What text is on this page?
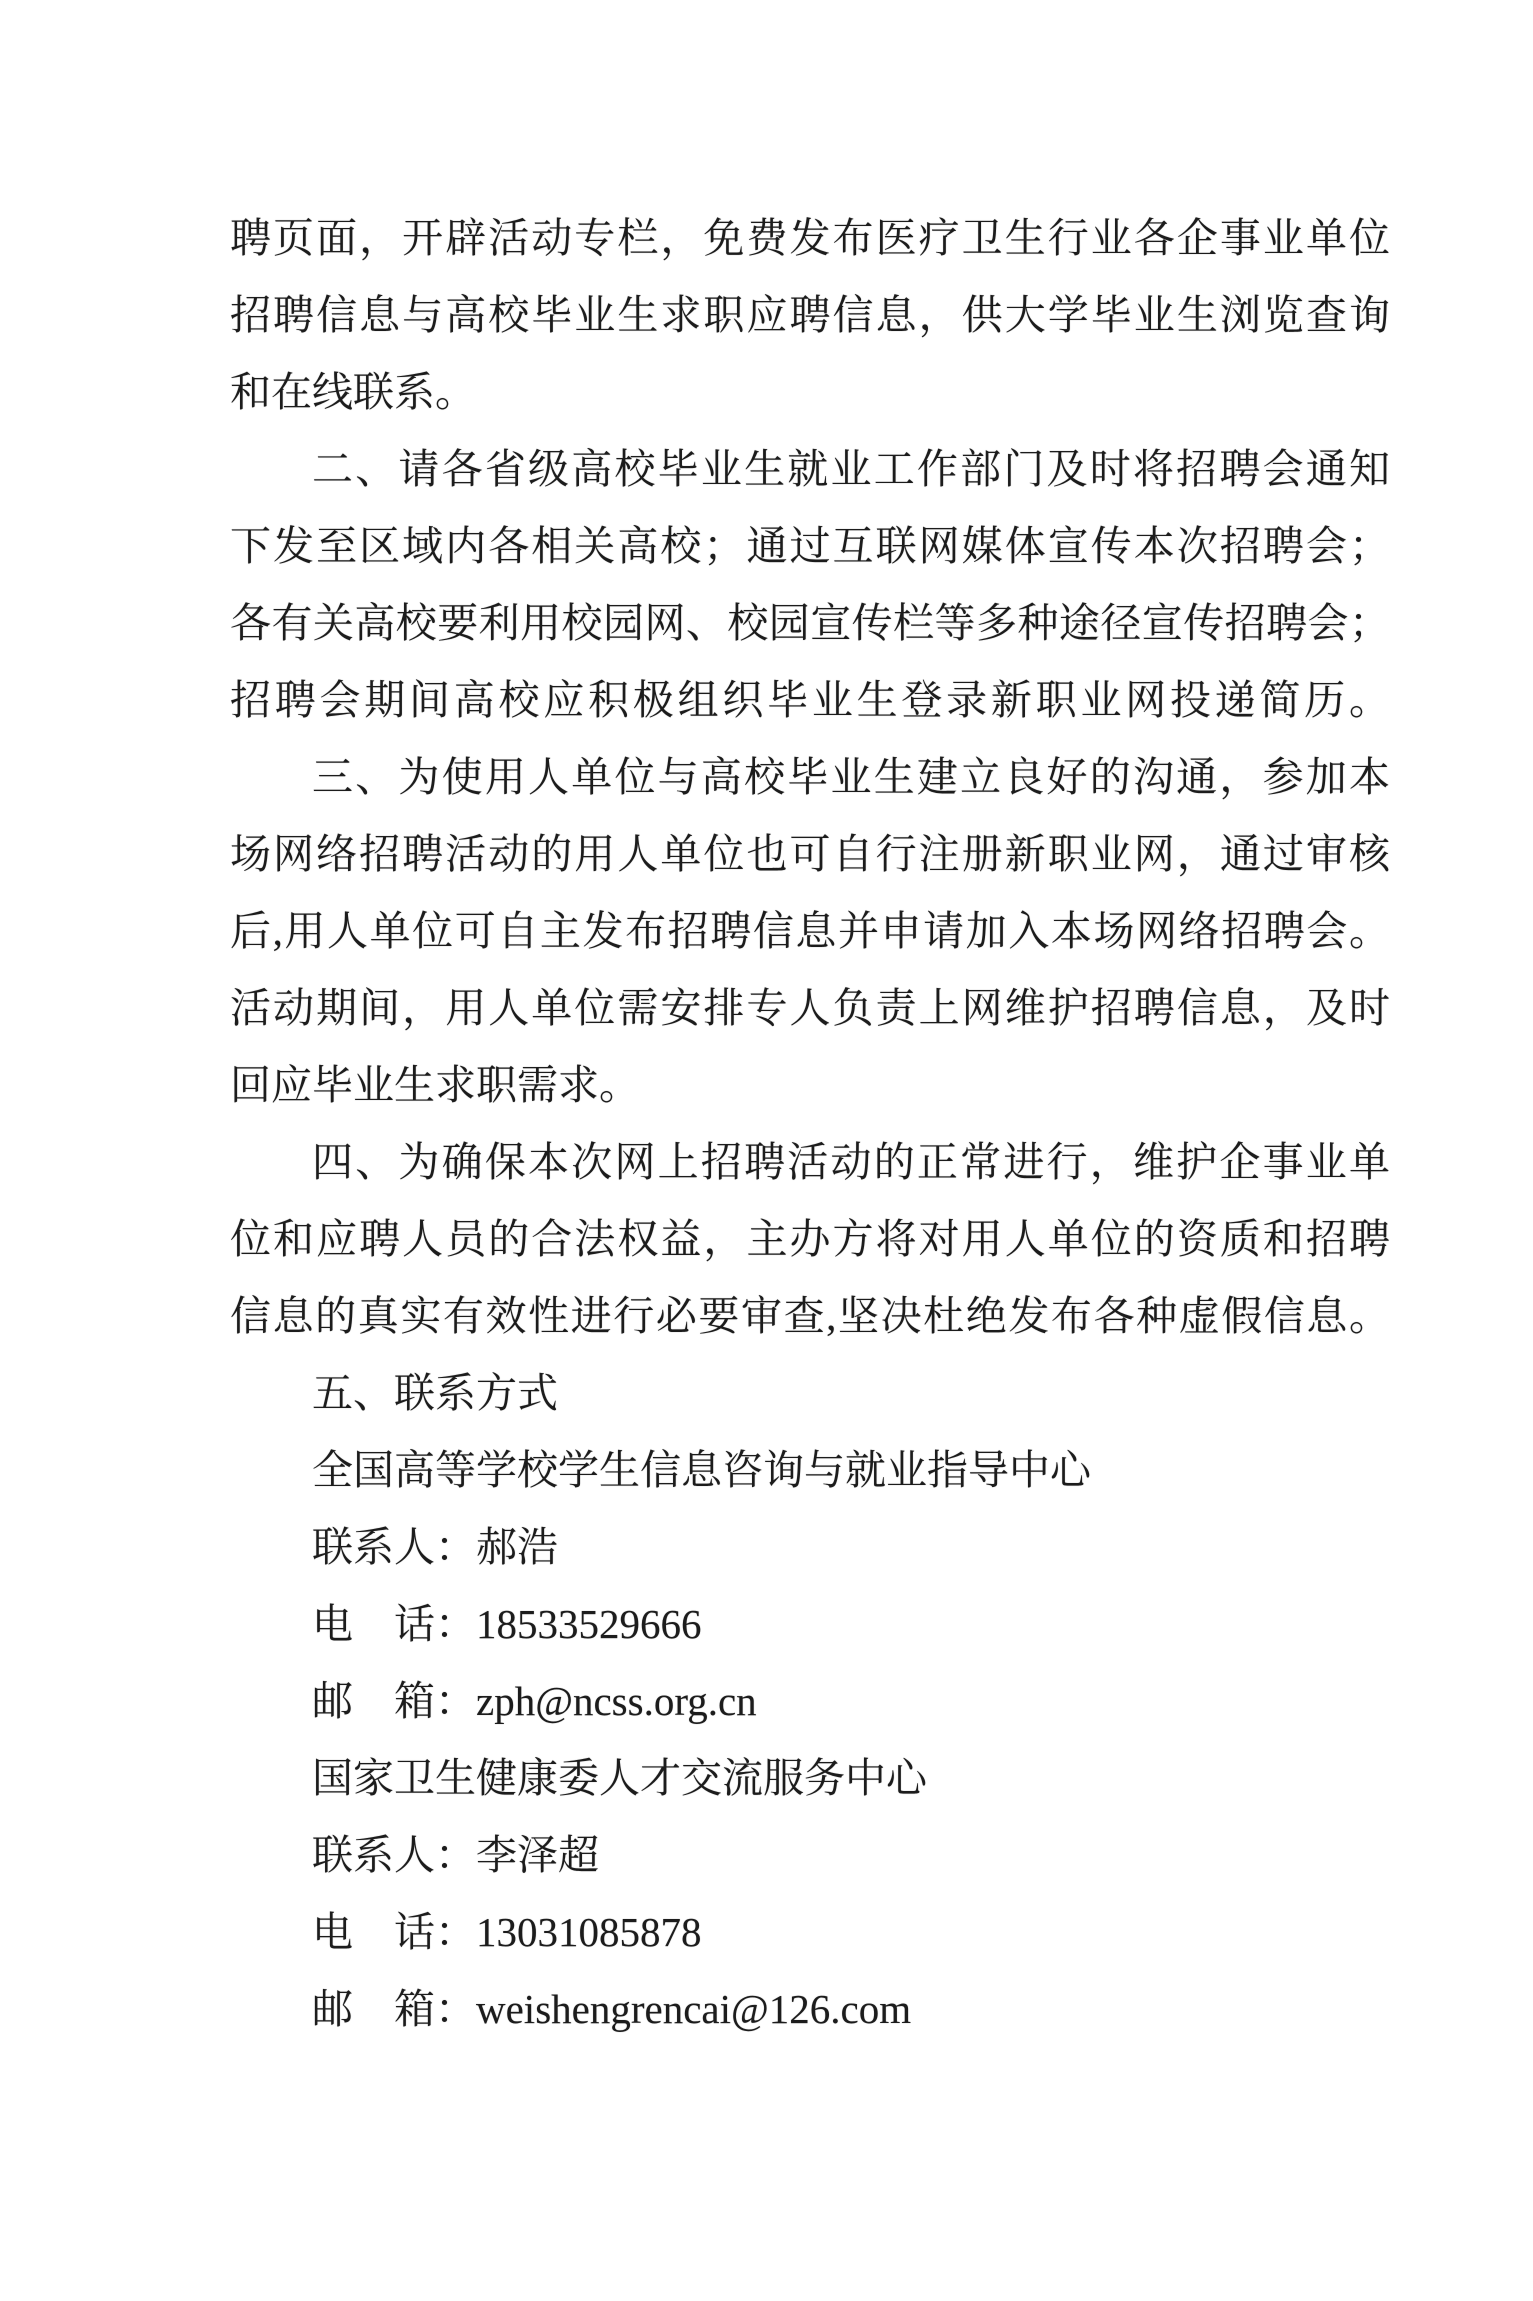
聘页面，开辟活动专栏，免费发布医疗卫生行业各企事业单位
招聘信息与高校毕业生求职应聘信息，供大学毕业生浏览查询
和在线联系。
二、请各省级高校毕业生就业工作部门及时将招聘会通知
下发至区域内各相关高校；通过互联网媒体宣传本次招聘会；
各有关高校要利用校园网、校园宣传栏等多种途径宣传招聘会；
招聘会期间高校应积极组织毕业生登录新职业网投递简历。
三、为使用人单位与高校毕业生建立良好的沟通，参加本
场网络招聘活动的用人单位也可自行注册新职业网，通过审核
后,用人单位可自主发布招聘信息并申请加入本场网络招聘会。
活动期间，用人单位需安排专人负责上网维护招聘信息，及时
回应毕业生求职需求。
四、为确保本次网上招聘活动的正常进行，维护企事业单
位和应聘人员的合法权益，主办方将对用人单位的资质和招聘
信息的真实有效性进行必要审查,坚决杜绝发布各种虚假信息。
五、联系方式
全国高等学校学生信息咨询与就业指导中心
联系人：郝浩
电　话：18533529666
邮　箱：zph@ncss.org.cn
国家卫生健康委人才交流服务中心
联系人：李泽超
电　话：13031085878
邮　箱：weishengrencai@126.com
